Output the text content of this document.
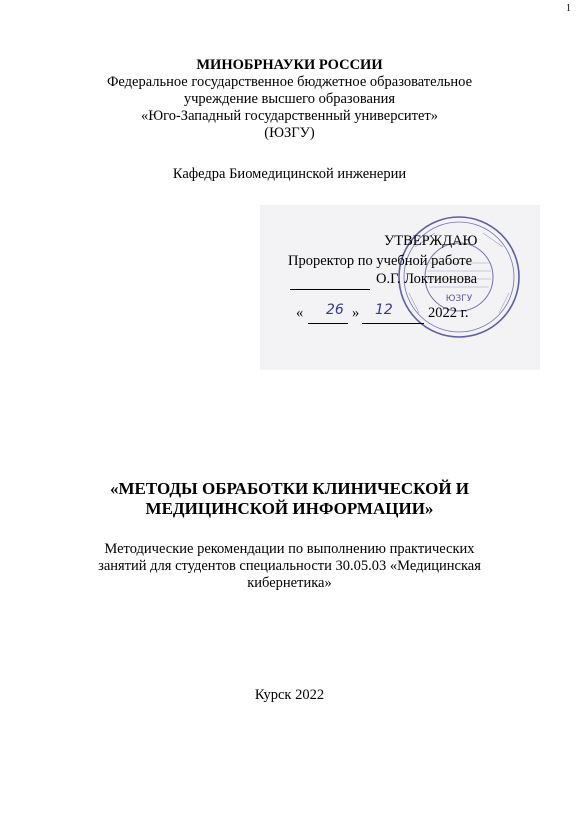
1
МИНОБРНАУКИ РОССИИ
Федеральное государственное бюджетное образовательное
учреждение высшего образования
«Юго-Западный государственный университет»
(ЮЗГУ)
Кафедра Биомедицинской инженерии
ЮЗГУ
УТВЕРЖДАЮ
Проректор по учебной работе
О.Г. Локтионова
« 26 » 12 2022 г.
«МЕТОДЫ ОБРАБОТКИ КЛИНИЧЕСКОЙ И
МЕДИЦИНСКОЙ ИНФОРМАЦИИ»
Методические рекомендации по выполнению практических
занятий для студентов специальности 30.05.03 «Медицинская
кибернетика»
Курск 2022
